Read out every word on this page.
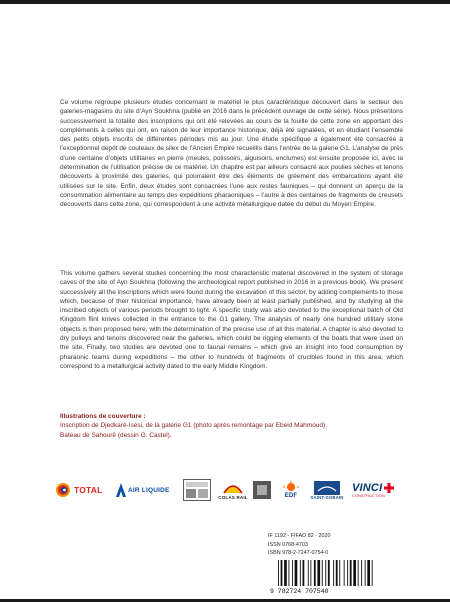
Ce volume regroupe plusieurs études concernant le matériel le plus caractéristique découvert dans le secteur des galeries-magasins du site d’Ayn Soukhna (publié en 2016 dans le précédent ouvrage de cette série). Nous présentons successivement la totalité des inscriptions qui ont été relevées au cours de la fouille de cette zone en apportant des compléments à celles qui ont, en raison de leur importance historique, déjà été signalées, et en étudiant l’ensemble des petits objets inscrits de différentes périodes mis au jour. Une étude spécifique a également été consacrée à l’exceptionnel dépôt de couteaux de silex de l’Ancien Empire recueillis dans l’entrée de la galerie G1. L’analyse de près d’une centaine d’objets utilitaires en pierre (meules, polissoirs, aiguisoirs, enclumes) est ensuite proposée ici, avec la détermination de l’utilisation précise de ce matériel. Un chapitre est par ailleurs consacré aux poulies sèches et tenons découverts à proximité des galeries, qui pourraient être des éléments de gréement des embarcations ayant été utilisées sur le site. Enfin, deux études sont consacrées l’une aux restes fauniques – qui donnent un aperçu de la consommation alimentaire au temps des expéditions pharaoniques – l’autre à des centaines de fragments de creusets découverts dans cette zone, qui correspondent à une activité métallurgique datée du début du Moyen Empire.

This volume gathers several studies concerning the most characteristic material discovered in the system of storage caves of the site of Ayn Soukhna (following the archeological report published in 2016 in a previous book). We present successively all the inscriptions which were found during the excavation of this sector, by adding complements to those which, because of their historical importance, have already been at least partially published, and by studying all the inscribed objects of various periods brought to light. A specific study was also devoted to the exceptional batch of Old Kingdom flint knives collected in the entrance to the G1 gallery. The analysis of nearly one hundred utilitary stone objects is then proposed here, with the determination of the precise use of all this material. A chapter is also devoted to dry pulleys and tenons discovered near the galleries, which could be rigging elements of the boats that were used on the site. Finally, two studies are devoted one to faunal remains – which give an insight into food consumption by pharaonic teams during expeditions – the other to hundreds of fragments of crucibles found in this area, which correspond to a metallurgical activity dated to the early Middle Kingdom.

Illustrations de couverture :
Inscription de Djedkarê-Isési, de la galerie G1 (photo après remontage par Ebeid Mahmoud).
Bateau de Sahourê (dessin G. Castel).
TOTAL	AIR LIQUIDE
COLAS RAIL	EDF	SAINT-GOBAIN
VINCI
CONSTRUCTION
IF 1192 - FIFAO 82 - 2020
ISSN 0768-4703
ISBN 978-2-7247-0754-0
9 782724 707540
